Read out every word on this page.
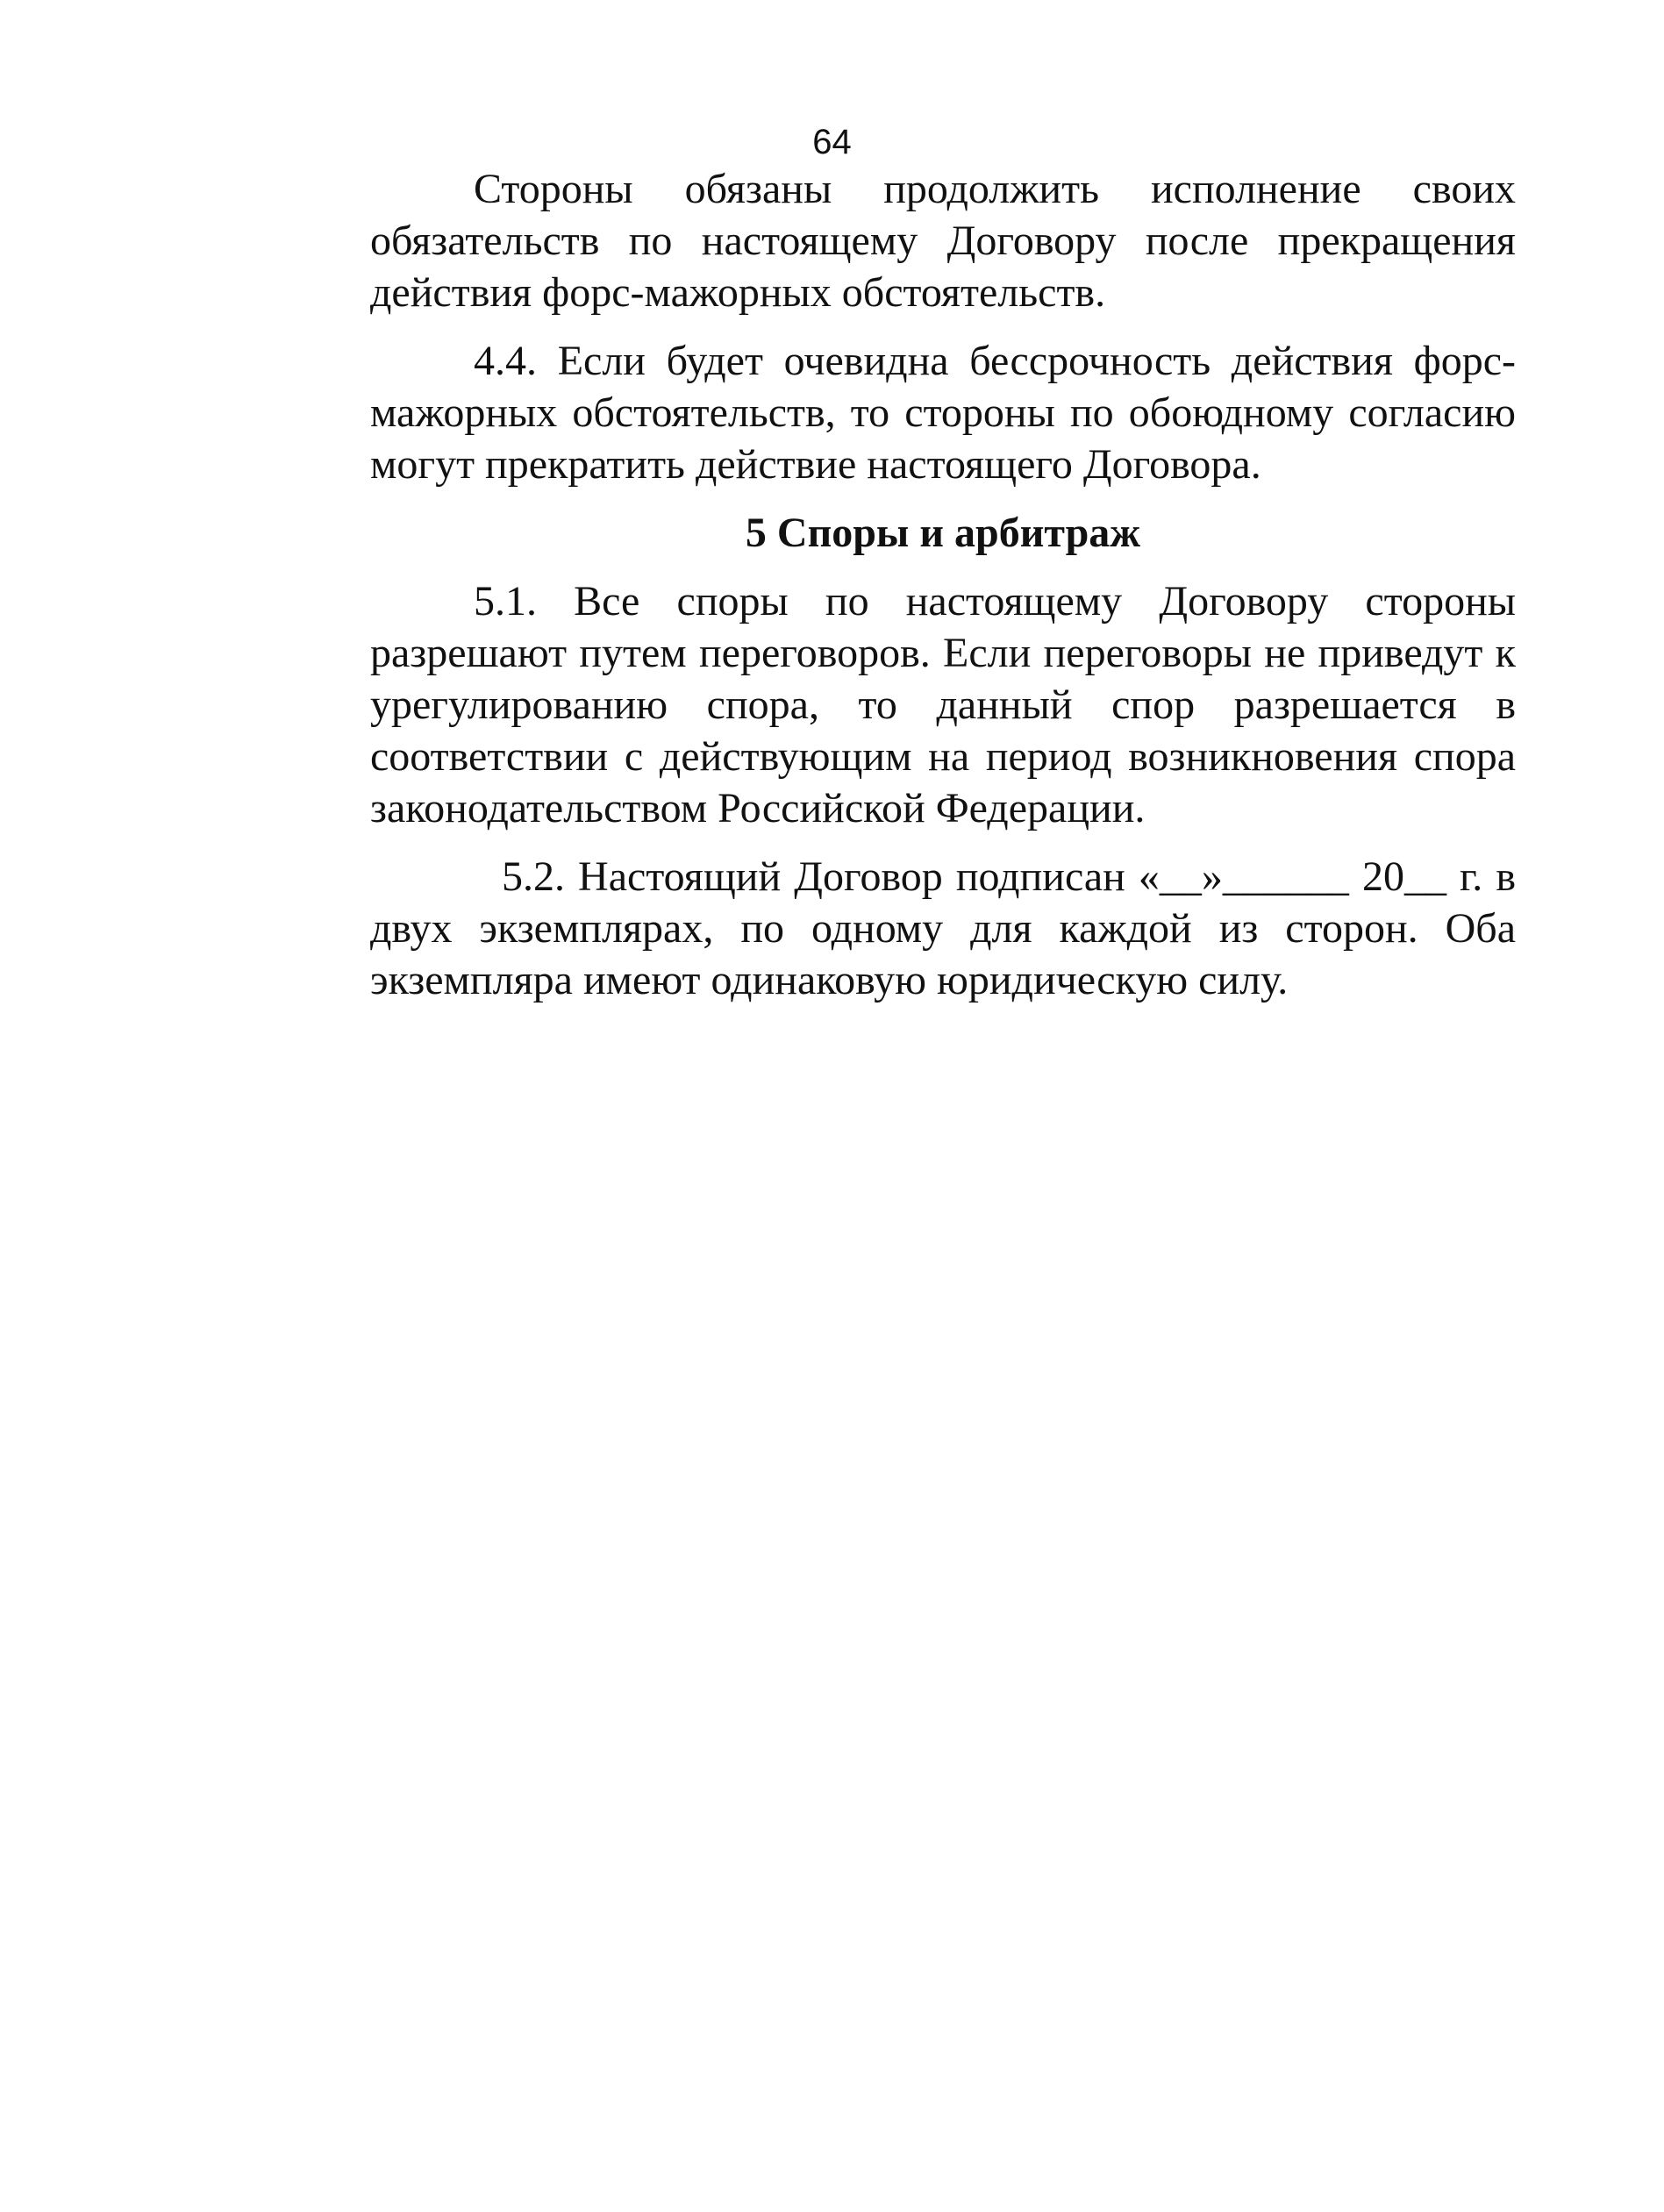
64

Стороны обязаны продолжить исполнение своих обязательств по настоящему Договору после прекращения действия форс-мажорных обстоятельств.

4.4. Если будет очевидна бессрочность действия форс-мажорных обстоятельств, то стороны по обоюдному согласию могут прекратить действие настоящего Договора.

5 Споры и арбитраж

5.1. Все споры по настоящему Договору стороны разрешают путем переговоров. Если переговоры не приведут к урегулированию спора, то данный спор разрешается в соответствии с действующим на период возникновения спора законодательством Российской Федерации.

5.2. Настоящий Договор подписан «__»______ 20__ г. в двух экземплярах, по одному для каждой из сторон. Оба экземпляра имеют одинаковую юридическую силу.
